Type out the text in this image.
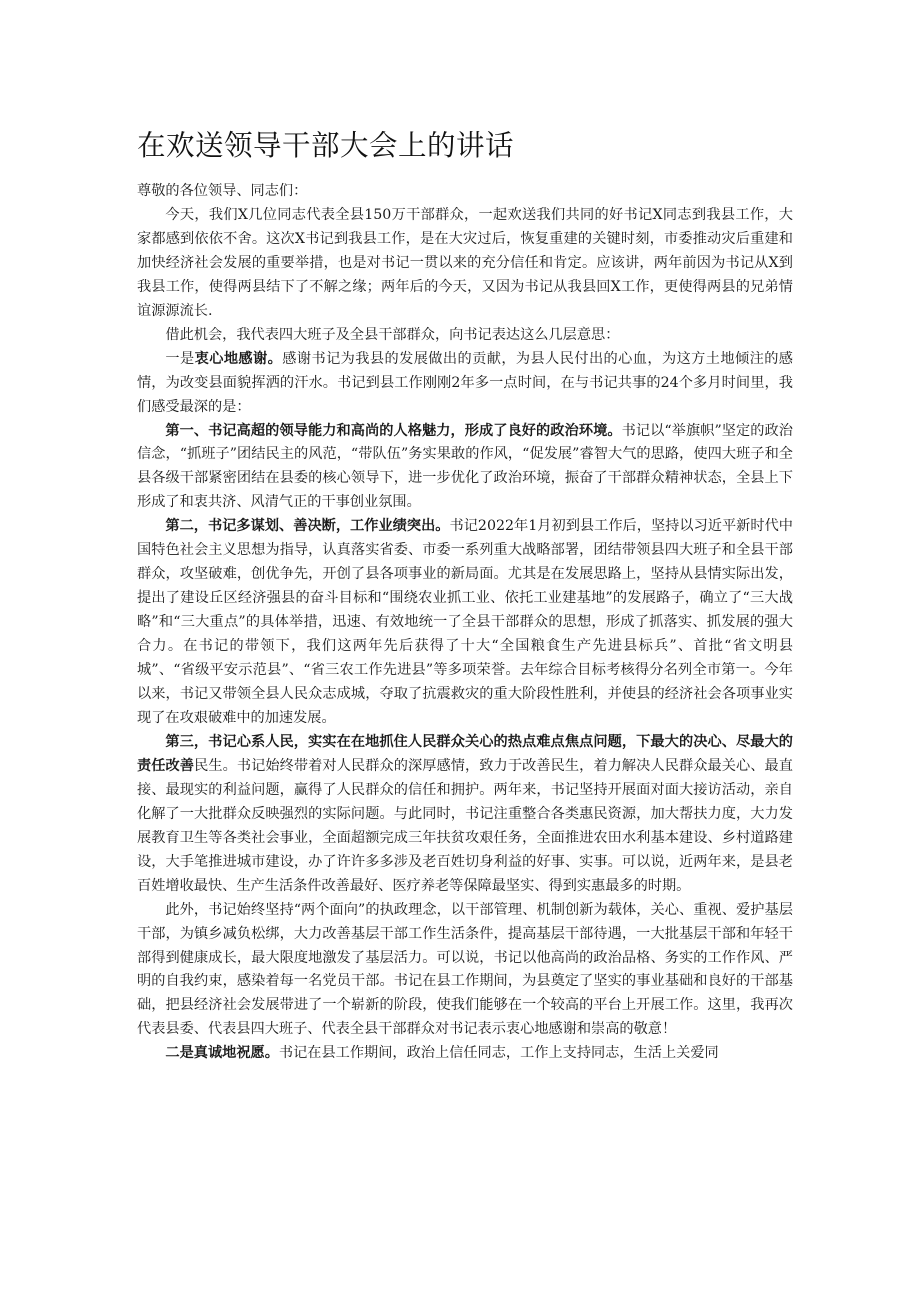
在欢送领导干部大会上的讲话

尊敬的各位领导、同志们：

今天，我们X几位同志代表全县150万干部群众，一起欢送我们共同的好书记X同志到我县工作，大家都感到依依不舍。这次X书记到我县工作，是在大灾过后，恢复重建的关键时刻，市委推动灾后重建和加快经济社会发展的重要举措，也是对书记一贯以来的充分信任和肯定。应该讲，两年前因为书记从X到我县工作，使得两县结下了不解之缘；两年后的今天，又因为书记从我县回X工作，更使得两县的兄弟情谊源源流长.

借此机会，我代表四大班子及全县干部群众，向书记表达这么几层意思：

一是衷心地感谢。感谢书记为我县的发展做出的贡献，为县人民付出的心血，为这方土地倾注的感情，为改变县面貌挥洒的汗水。书记到县工作刚刚2年多一点时间，在与书记共事的24个多月时间里，我们感受最深的是：

第一、书记高超的领导能力和高尚的人格魅力，形成了良好的政治环境。书记以“举旗帜”坚定的政治信念，“抓班子”团结民主的风范，“带队伍”务实果敢的作风，“促发展”睿智大气的思路，使四大班子和全县各级干部紧密团结在县委的核心领导下，进一步优化了政治环境，振奋了干部群众精神状态，全县上下形成了和衷共济、风清气正的干事创业氛围。

第二，书记多谋划、善决断，工作业绩突出。书记2022年1月初到县工作后，坚持以习近平新时代中国特色社会主义思想为指导，认真落实省委、市委一系列重大战略部署，团结带领县四大班子和全县干部群众，攻坚破难，创优争先，开创了县各项事业的新局面。尤其是在发展思路上，坚持从县情实际出发，提出了建设丘区经济强县的奋斗目标和“围绕农业抓工业、依托工业建基地”的发展路子，确立了“三大战略”和“三大重点”的具体举措，迅速、有效地统一了全县干部群众的思想，形成了抓落实、抓发展的强大合力。在书记的带领下，我们这两年先后获得了十大“全国粮食生产先进县标兵”、首批“省文明县城”、“省级平安示范县”、“省三农工作先进县”等多项荣誉。去年综合目标考核得分名列全市第一。今年以来，书记又带领全县人民众志成城，夺取了抗震救灾的重大阶段性胜利，并使县的经济社会各项事业实现了在攻艰破难中的加速发展。

第三，书记心系人民，实实在在地抓住人民群众关心的热点难点焦点问题，下最大的决心、尽最大的责任改善民生。书记始终带着对人民群众的深厚感情，致力于改善民生，着力解决人民群众最关心、最直接、最现实的利益问题，赢得了人民群众的信任和拥护。两年来，书记坚持开展面对面大接访活动，亲自化解了一大批群众反映强烈的实际问题。与此同时，书记注重整合各类惠民资源，加大帮扶力度，大力发展教育卫生等各类社会事业，全面超额完成三年扶贫攻艰任务，全面推进农田水利基本建设、乡村道路建设，大手笔推进城市建设，办了许许多多涉及老百姓切身利益的好事、实事。可以说，近两年来，是县老百姓增收最快、生产生活条件改善最好、医疗养老等保障最坚实、得到实惠最多的时期。

此外，书记始终坚持“两个面向”的执政理念，以干部管理、机制创新为载体，关心、重视、爱护基层干部，为镇乡减负松绑，大力改善基层干部工作生活条件，提高基层干部待遇，一大批基层干部和年轻干部得到健康成长，最大限度地激发了基层活力。可以说，书记以他高尚的政治品格、务实的工作作风、严明的自我约束，感染着每一名党员干部。书记在县工作期间，为县奠定了坚实的事业基础和良好的干部基础，把县经济社会发展带进了一个崭新的阶段，使我们能够在一个较高的平台上开展工作。这里，我再次代表县委、代表县四大班子、代表全县干部群众对书记表示衷心地感谢和崇高的敬意！

二是真诚地祝愿。书记在县工作期间，政治上信任同志，工作上支持同志，生活上关爱同
